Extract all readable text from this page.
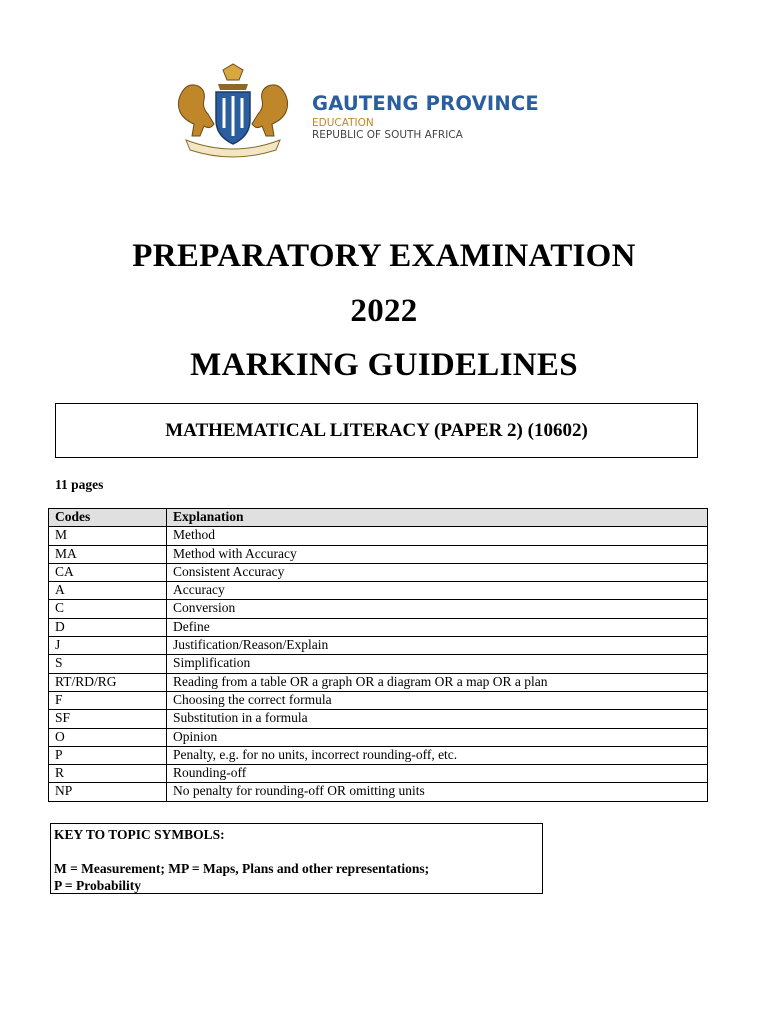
GAUTENG PROVINCE
EDUCATION
REPUBLIC OF SOUTH AFRICA
PREPARATORY EXAMINATION
2022
MARKING GUIDELINES
MATHEMATICAL LITERACY (PAPER 2) (10602)
11 pages
Codes	Explanation
M	Method
MA	Method with Accuracy
CA	Consistent Accuracy
A	Accuracy
C	Conversion
D	Define
J	Justification/Reason/Explain
S	Simplification
RT/RD/RG	Reading from a table OR a graph OR a diagram OR a map OR a plan
F	Choosing the correct formula
SF	Substitution in a formula
O	Opinion
P	Penalty, e.g. for no units, incorrect rounding-off, etc.
R	Rounding-off
NP	No penalty for rounding-off OR omitting units
KEY TO TOPIC SYMBOLS:
M = Measurement; MP = Maps, Plans and other representations;
P = Probability
